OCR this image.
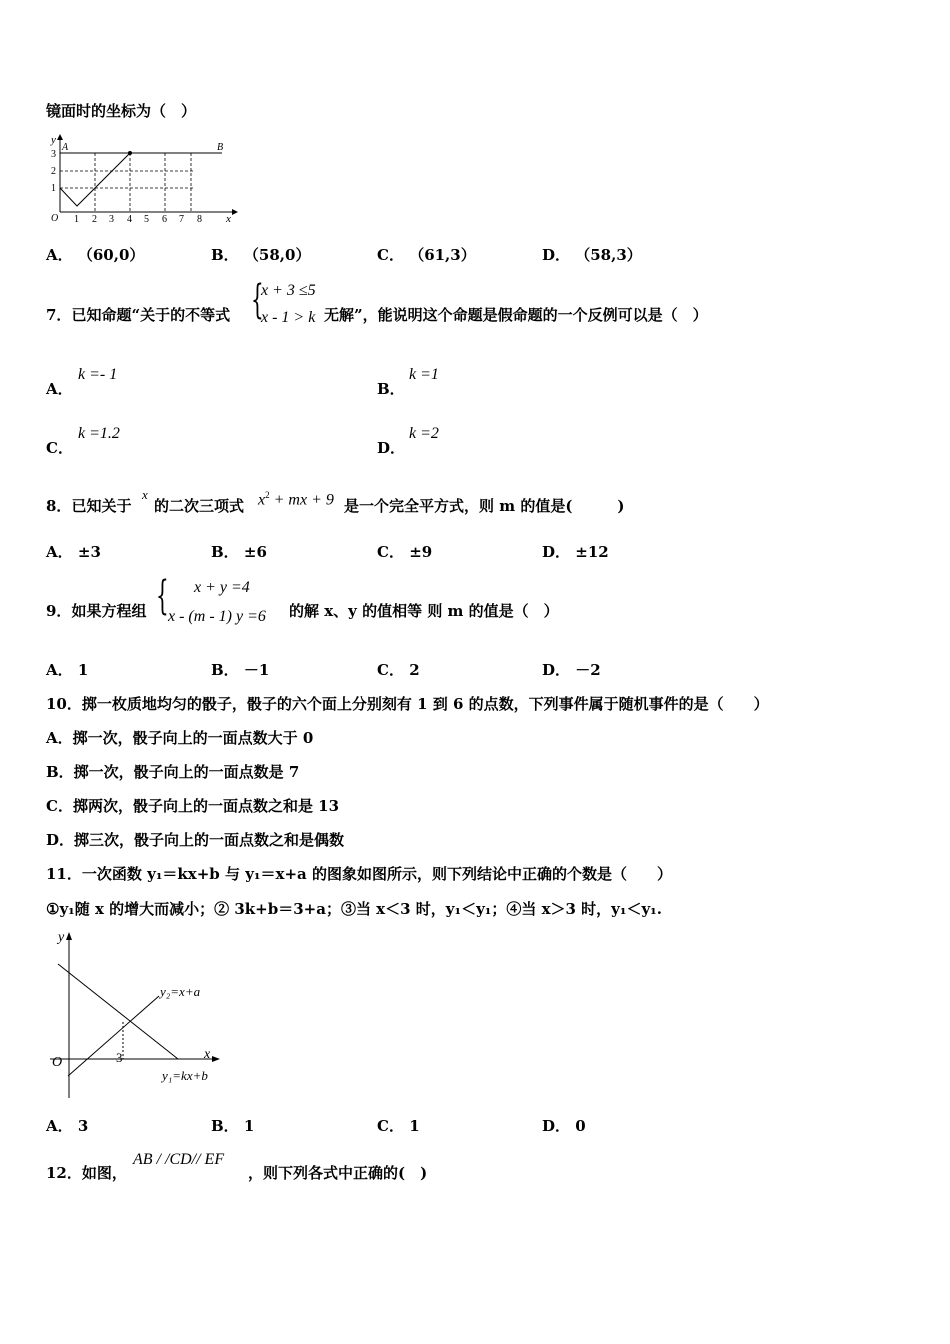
镜面时的坐标为（　）
y
x
O
A	B
3
2
1
1 2 3 4 5 6 7 8
A． （60,0）	B． （58,0）	C． （61,3）	D． （58,3）
7．已知命题“关于的不等式 {
x + 3 ≤5
x - 1 > k 无解”，能说明这个命题是假命题的一个反例可以是（　）
A．
k =- 1
B．
k =1
C．
k =1.2
D．
k =2
8．已知关于
x
的二次三项式 $x^2$ + mx + 9 是一个完全平方式，则 m 的值是(　　　)
A． ±3	B． ±6	C． ±9	D． ±12
9．如果方程组 { x + y =4
x - (m - 1) y =6 的解 x、y 的值相等 则 m 的值是（　）
A． 1	B． －1	C． 2	D． －2
10．掷一枚质地均匀的骰子，骰子的六个面上分别刻有 1 到 6 的点数，下列事件属于随机事件的是（　　）
A．掷一次，骰子向上的一面点数大于 0
B．掷一次，骰子向上的一面点数是 7
C．掷两次，骰子向上的一面点数之和是 13
D．掷三次，骰子向上的一面点数之和是偶数
11．一次函数 y₁＝kx+b 与 y₁＝x+a 的图象如图所示，则下列结论中正确的个数是（　　）
①y₁随 x 的增大而减小；② 3k+b＝3+a；③当 x＜3 时，y₁＜y₁；④当 x＞3 时，y₁＜y₁.
y
x
O	3
y₂=x+a
y₁=kx+b
A． 3	B． 1	C． 1	D． 0
12．如图，
AB / /CD// EF
，则下列各式中正确的(　)
